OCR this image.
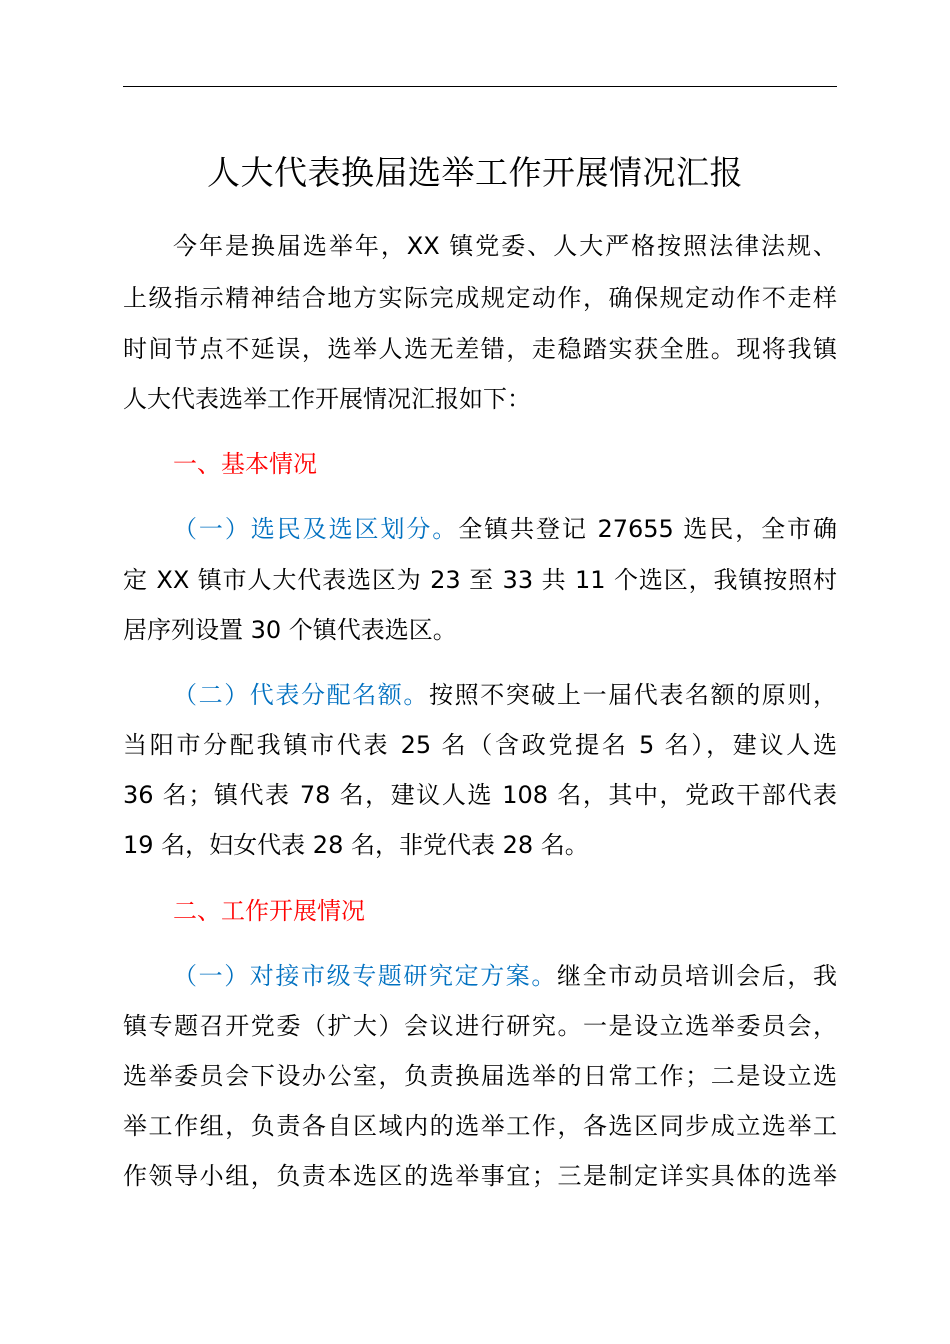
人大代表换届选举工作开展情况汇报
今年是换届选举年，XX 镇党委、人大严格按照法律法规、
上级指示精神结合地方实际完成规定动作，确保规定动作不走样
时间节点不延误，选举人选无差错，走稳踏实获全胜。现将我镇
人大代表选举工作开展情况汇报如下：
一、基本情况
（一）选民及选区划分。全镇共登记 27655 选民，全市确
定 XX 镇市人大代表选区为 23 至 33 共 11 个选区，我镇按照村
居序列设置 30 个镇代表选区。
（二）代表分配名额。按照不突破上一届代表名额的原则，
当阳市分配我镇市代表 25 名（含政党提名 5 名），建议人选
36 名；镇代表 78 名，建议人选 108 名，其中，党政干部代表
19 名，妇女代表 28 名，非党代表 28 名。
二、工作开展情况
（一）对接市级专题研究定方案。继全市动员培训会后，我
镇专题召开党委（扩大）会议进行研究。一是设立选举委员会，
选举委员会下设办公室，负责换届选举的日常工作；二是设立选
举工作组，负责各自区域内的选举工作，各选区同步成立选举工
作领导小组，负责本选区的选举事宜；三是制定详实具体的选举
